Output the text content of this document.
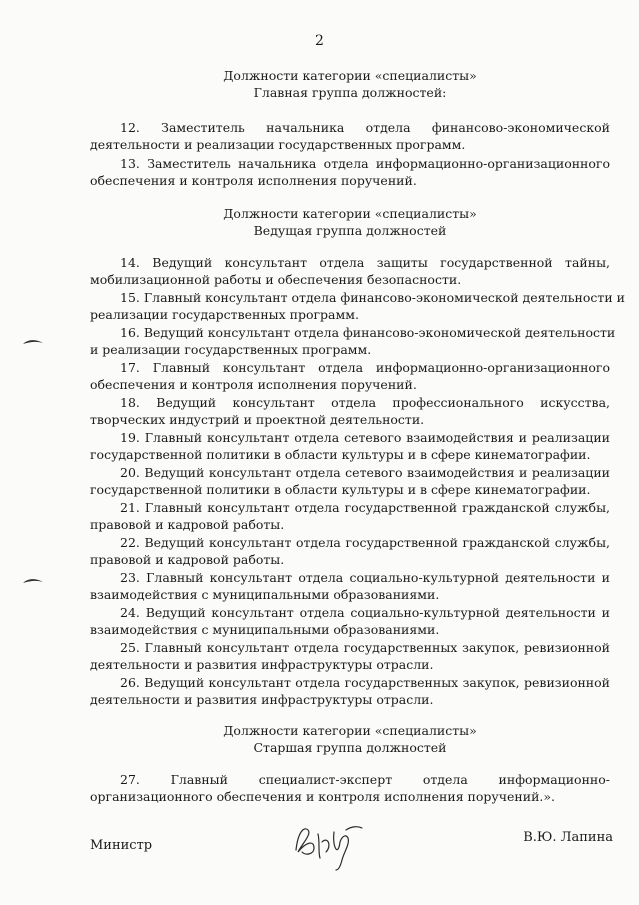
2
Должности категории «специалисты»
Главная группа должностей:
12. Заместитель начальника отдела финансово-экономической
деятельности и реализации государственных программ.
13. Заместитель начальника отдела информационно-организационного
обеспечения и контроля исполнения поручений.
Должности категории «специалисты»
Ведущая группа должностей
14. Ведущий консультант отдела защиты государственной тайны,
мобилизационной работы и обеспечения безопасности.
15. Главный консультант отдела финансово-экономической деятельности и
реализации государственных программ.
16. Ведущий консультант отдела финансово-экономической деятельности
и реализации государственных программ.
17. Главный консультант отдела информационно-организационного
обеспечения и контроля исполнения поручений.
18. Ведущий консультант отдела профессионального искусства,
творческих индустрий и проектной деятельности.
19. Главный консультант отдела сетевого взаимодействия и реализации
государственной политики в области культуры и в сфере кинематографии.
20. Ведущий консультант отдела сетевого взаимодействия и реализации
государственной политики в области культуры и в сфере кинематографии.
21. Главный консультант отдела государственной гражданской службы,
правовой и кадровой работы.
22. Ведущий консультант отдела государственной гражданской службы,
правовой и кадровой работы.
23. Главный консультант отдела социально-культурной деятельности и
взаимодействия с муниципальными образованиями.
24. Ведущий консультант отдела социально-культурной деятельности и
взаимодействия с муниципальными образованиями.
25. Главный консультант отдела государственных закупок, ревизионной
деятельности и развития инфраструктуры отрасли.
26. Ведущий консультант отдела государственных закупок, ревизионной
деятельности и развития инфраструктуры отрасли.
Должности категории «специалисты»
Старшая группа должностей
27. Главный специалист-эксперт отдела информационно-
организационного обеспечения и контроля исполнения поручений.».
Министр
В.Ю. Лапина
